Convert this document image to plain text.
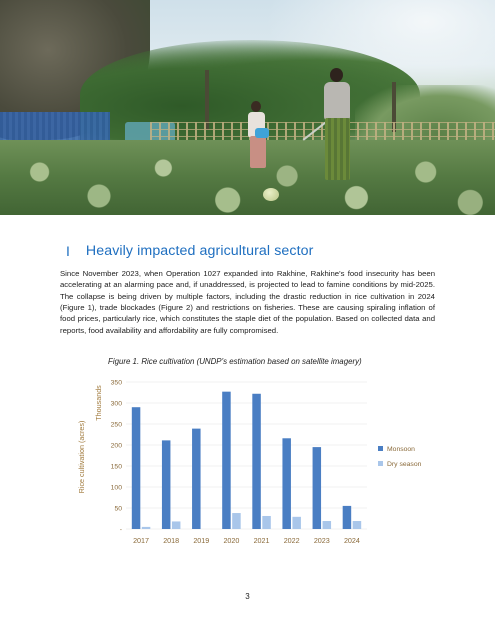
I Heavily impacted agricultural sector

Since November 2023, when Operation 1027 expanded into Rakhine, Rakhine's food insecurity has been accelerating at an alarming pace and, if unaddressed, is projected to lead to famine conditions by mid-2025. The collapse is being driven by multiple factors, including the drastic reduction in rice cultivation in 2024 (Figure 1), trade blockades (Figure 2) and restrictions on fisheries. These are causing spiraling inflation of food prices, particularly rice, which constitutes the staple diet of the population. Based on collected data and reports, food availability and affordability are fully compromised.

Figure 1. Rice cultivation (UNDP's estimation based on satellite imagery)
-
50
100
150
200
250
300
350
2017 2018 2019 2020 2021 2022 2023 2024
Thousands
Rice cultivation (acres)	Monsoon
Dry season
3
